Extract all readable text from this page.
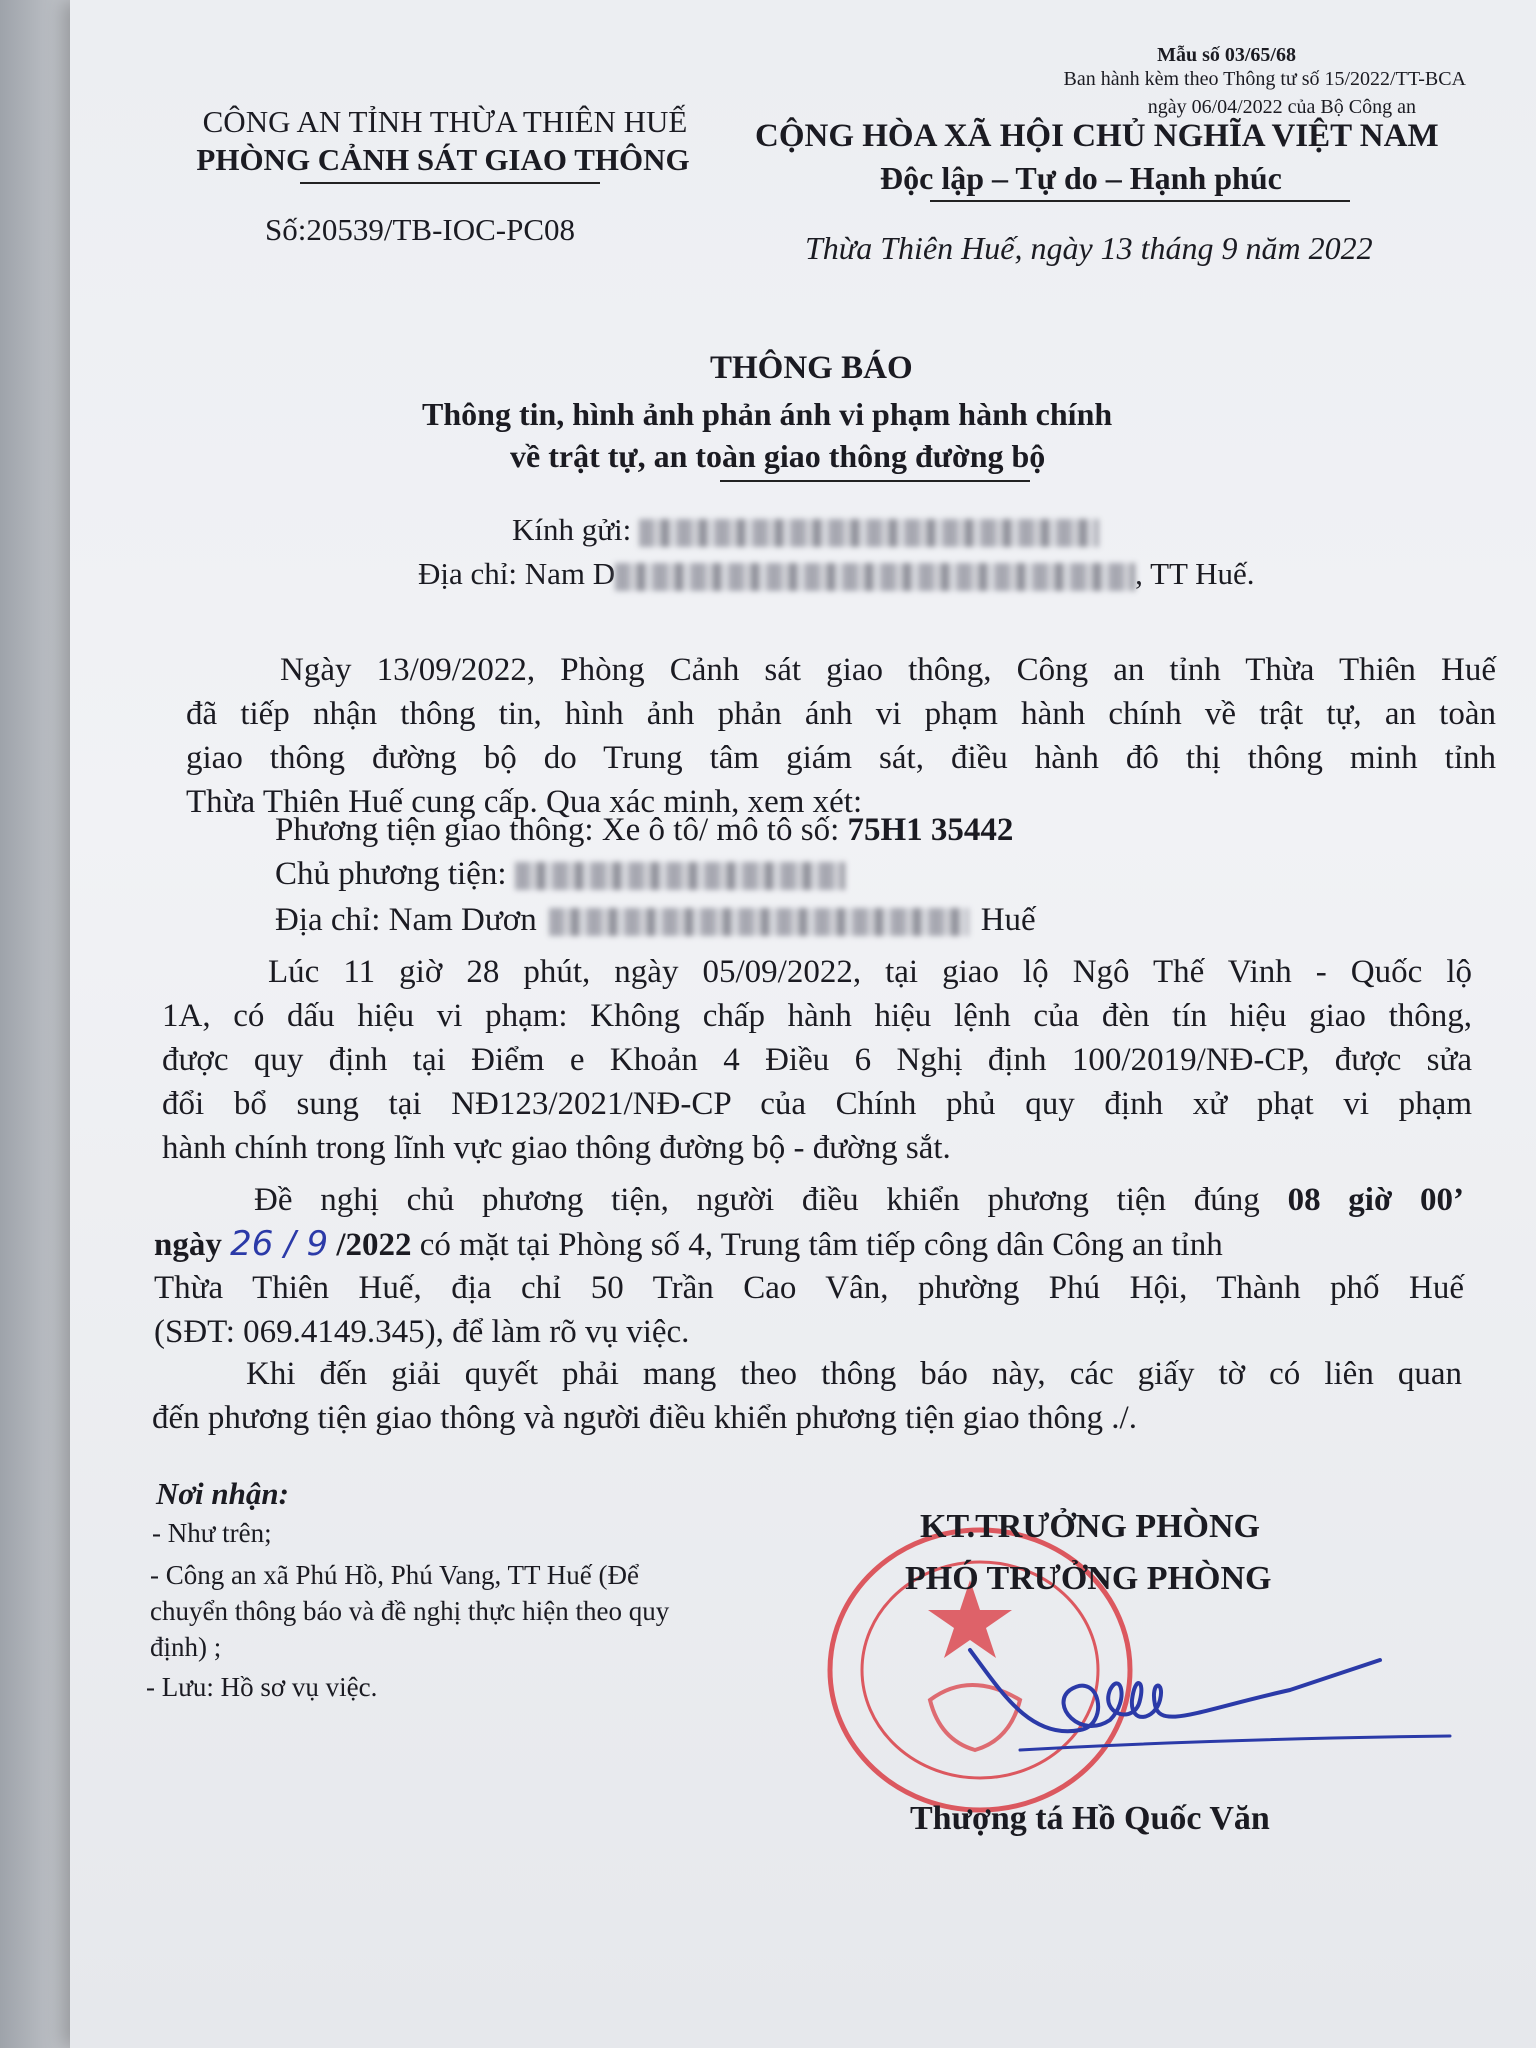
Mẫu số 03/65/68
Ban hành kèm theo Thông tư số 15/2022/TT-BCA
ngày 06/04/2022 của Bộ Công an
CÔNG AN TỈNH THỪA THIÊN HUẾ
PHÒNG CẢNH SÁT GIAO THÔNG
Số:20539/TB-IOC-PC08
CỘNG HÒA XÃ HỘI CHỦ NGHĨA VIỆT NAM
Độc lập – Tự do – Hạnh phúc
Thừa Thiên Huế, ngày 13 tháng 9 năm 2022
THÔNG BÁO
Thông tin, hình ảnh phản ánh vi phạm hành chính
về trật tự, an toàn giao thông đường bộ
Kính gửi:
Địa chỉ: Nam D	, TT Huế.
Ngày 13/09/2022, Phòng Cảnh sát giao thông, Công an tỉnh Thừa Thiên Huế
đã tiếp nhận thông tin, hình ảnh phản ánh vi phạm hành chính về trật tự, an toàn
giao thông đường bộ do Trung tâm giám sát, điều hành đô thị thông minh tỉnh
Thừa Thiên Huế cung cấp. Qua xác minh, xem xét:
Phương tiện giao thông: Xe ô tô/ mô tô số: 75H1 35442
Chủ phương tiện:
Địa chỉ: Nam Dươn	Huế
Lúc 11 giờ 28 phút, ngày 05/09/2022, tại giao lộ Ngô Thế Vinh - Quốc lộ
1A, có dấu hiệu vi phạm: Không chấp hành hiệu lệnh của đèn tín hiệu giao thông,
được quy định tại Điểm e Khoản 4 Điều 6 Nghị định 100/2019/NĐ-CP, được sửa
đổi bổ sung tại NĐ123/2021/NĐ-CP của Chính phủ quy định xử phạt vi phạm
hành chính trong lĩnh vực giao thông đường bộ - đường sắt.
Đề nghị chủ phương tiện, người điều khiển phương tiện đúng 08 giờ 00’
ngày 26 / 9 /2022 có mặt tại Phòng số 4, Trung tâm tiếp công dân Công an tỉnh
Thừa Thiên Huế, địa chỉ 50 Trần Cao Vân, phường Phú Hội, Thành phố Huế
(SĐT: 069.4149.345), để làm rõ vụ việc.
Khi đến giải quyết phải mang theo thông báo này, các giấy tờ có liên quan
đến phương tiện giao thông và người điều khiển phương tiện giao thông ./.
Nơi nhận:
- Như trên;
- Công an xã Phú Hồ, Phú Vang, TT Huế (Để
chuyển thông báo và đề nghị thực hiện theo quy
định) ;
- Lưu: Hồ sơ vụ việc.
KT.TRƯỞNG PHÒNG
PHÓ TRƯỞNG PHÒNG
Thượng tá Hồ Quốc Văn
